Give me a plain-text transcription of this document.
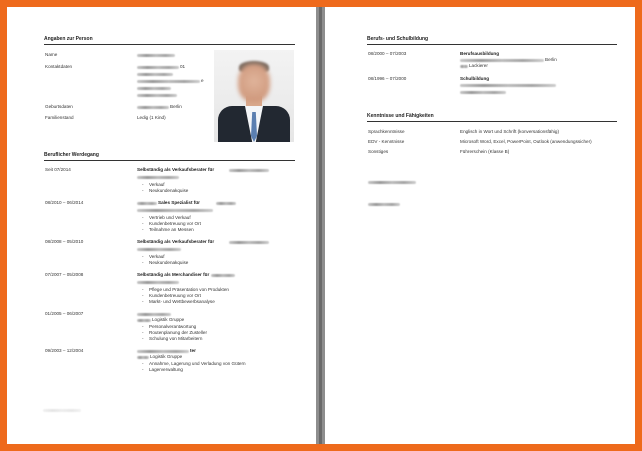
Angaben zur Person
Name
Kontaktdaten	01
e
Geburtsdaten	Berlin
Familienstand	Ledig (1 Kind)
Beruflicher Werdegang
Seit 07/2014	Selbständig als Verkaufsberater für
- Verkauf
- Neukundenakquise
08/2010 – 06/2014	Sales Spezialist für
- Vertrieb und Verkauf
- Kundenbetreuung vor Ort
- Teilnahme an Messen
08/2008 – 05/2010	Selbständig als Verkaufsberater für
- Verkauf
- Neukundenakquise
07/2007 – 05/2008	Selbständig als Merchandiser für
- Pflege und Präsentation von Produkten
- Kundenbetreuung vor Ort
- Markt- und Wettbewerbsanalyse
01/2005 – 06/2007
Logistik Gruppe
- Personalverantwortung
- Routenplanung der Zusteller
- Schulung von Mitarbeitern
09/2003 – 12/2004	ter
Logistik Gruppe
- Annahme, Lagerung und Verladung von Gütern
- Lagerverwaltung
Berufs- und Schulbildung
08/2000 – 07/2003	Berufsausbildung
Berlin
Lackierer
08/1996 – 07/2000	Schulbildung
Kenntnisse und Fähigkeiten
Sprachkenntnisse	Englisch in Wort und Schrift (konversationsfähig)
EDV - Kenntnisse	Microsoft Word, Excel, PowerPoint, Outlook (anwendungssicher)
Sonstiges	Führerschein (Klasse B)
